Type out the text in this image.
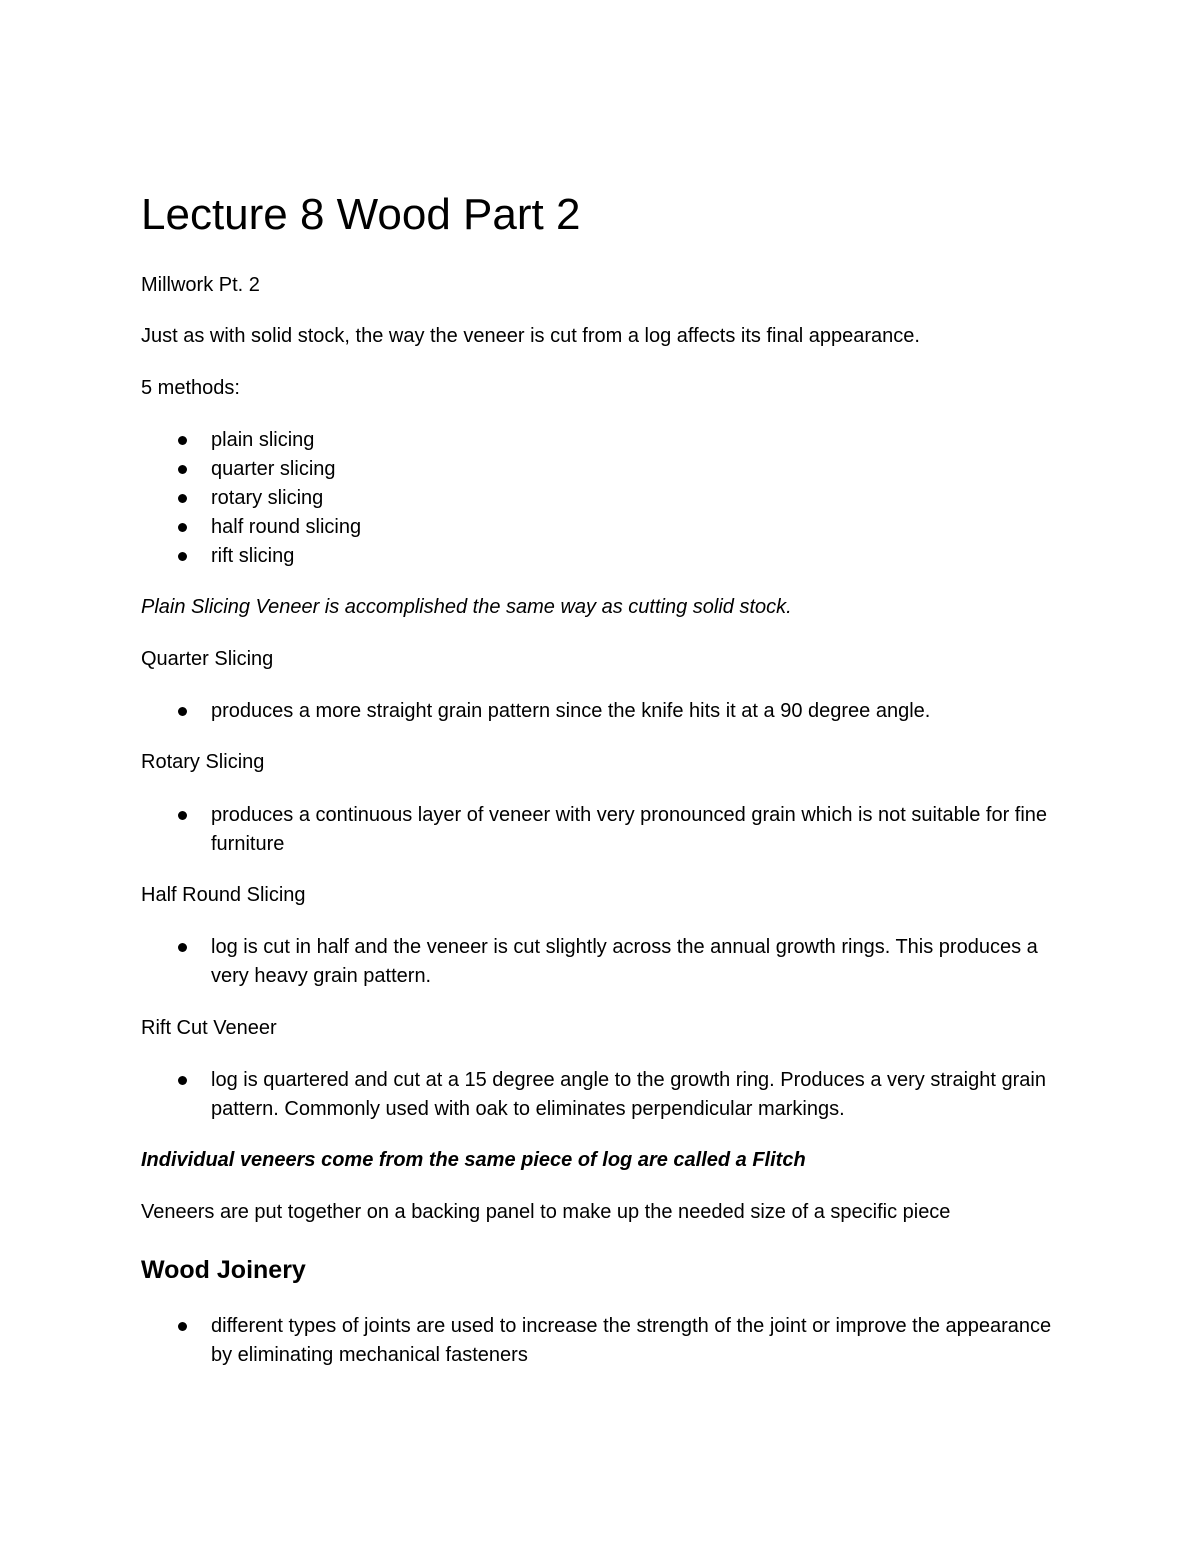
Lecture 8 Wood Part 2

Millwork Pt. 2

Just as with solid stock, the way the veneer is cut from a log affects its final appearance.

5 methods:

plain slicing
quarter slicing
rotary slicing
half round slicing
rift slicing

Plain Slicing Veneer is accomplished the same way as cutting solid stock.

Quarter Slicing

produces a more straight grain pattern since the knife hits it at a 90 degree angle.

Rotary Slicing

produces a continuous layer of veneer with very pronounced grain which is not suitable for fine furniture

Half Round Slicing

log is cut in half and the veneer is cut slightly across the annual growth rings. This produces a very heavy grain pattern.

Rift Cut Veneer

log is quartered and cut at a 15 degree angle to the growth ring. Produces a very straight grain pattern. Commonly used with oak to eliminates perpendicular markings.

Individual veneers come from the same piece of log are called a Flitch

Veneers are put together on a backing panel to make up the needed size of a specific piece

Wood Joinery
different types of joints are used to increase the strength of the joint or improve the appearance by eliminating mechanical fasteners
